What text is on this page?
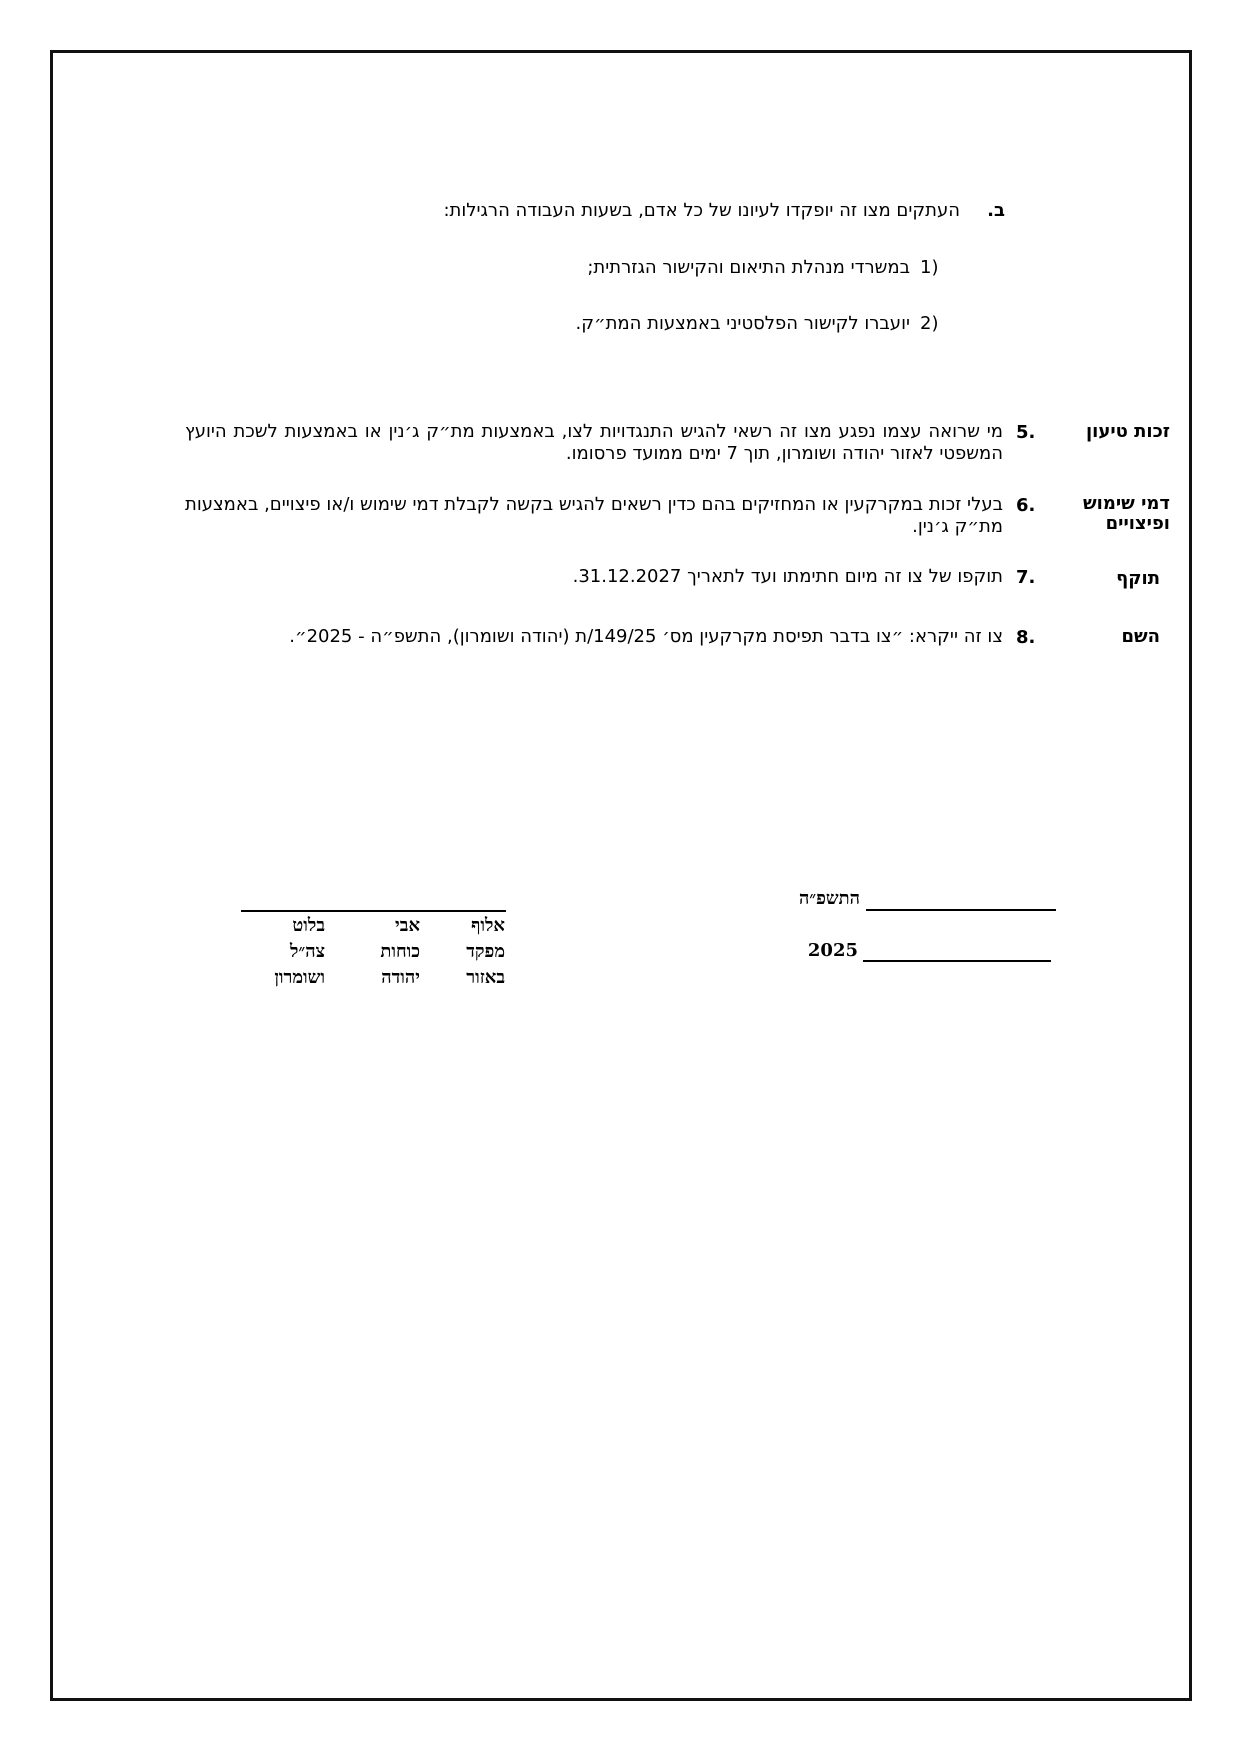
ב.
העתקים מצו זה יופקדו לעיונו של כל אדם, בשעות העבודה הרגילות:
1)
במשרדי מנהלת התיאום והקישור הגזרתית;
2)
יועברו לקישור הפלסטיני באמצעות המת״ק.
זכות טיעון
5.
מי שרואה עצמו נפגע מצו זה רשאי להגיש התנגדויות לצו, באמצעות מת״ק ג׳נין או באמצעות לשכת היועץ המשפטי לאזור יהודה ושומרון, תוך 7 ימים ממועד פרסומו.
דמי שימוש ופיצויים
6.
בעלי זכות במקרקעין או המחזיקים בהם כדין רשאים להגיש בקשה לקבלת דמי שימוש ו/או פיצויים, באמצעות מת״ק ג׳נין.
תוקף
7.
תוקפו של צו זה מיום חתימתו ועד לתאריך 31.12.2027.
השם
8.
צו זה ייקרא: ״צו בדבר תפיסת מקרקעין מס׳ 149/25/ת (יהודה ושומרון), התשפ״ה - 2025״.
התשפ״ה
2025
אלוף
מפקד
באזור
אבי
כוחות
יהודה
בלוט
צה״ל
ושומרון
